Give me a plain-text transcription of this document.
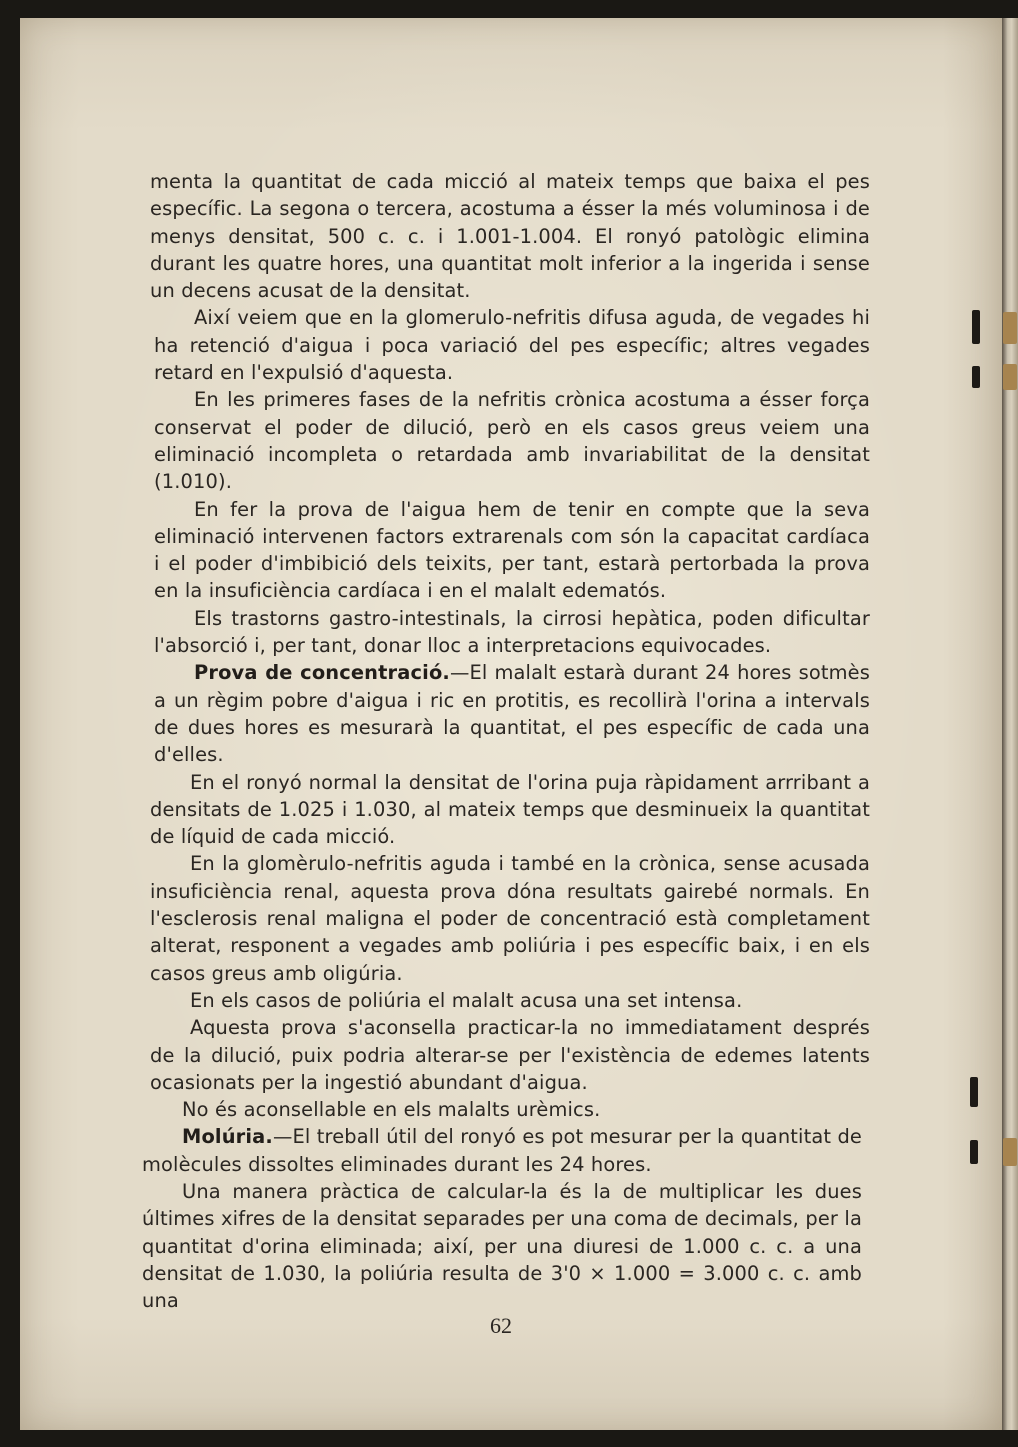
menta la quantitat de cada micció al mateix temps que baixa el pes específic. La segona o tercera, acostuma a ésser la més voluminosa i de menys densitat, 500 c. c. i 1.001-1.004. El ronyó patològic elimina durant les quatre hores, una quantitat molt inferior a la ingerida i sense un decens acusat de la densitat.

Així veiem que en la glomerulo-nefritis difusa aguda, de vegades hi ha retenció d'aigua i poca variació del pes específic; altres vegades retard en l'expulsió d'aquesta.

En les primeres fases de la nefritis crònica acostuma a ésser força conservat el poder de dilució, però en els casos greus veiem una eliminació incompleta o retardada amb invariabilitat de la densitat (1.010).

En fer la prova de l'aigua hem de tenir en compte que la seva eliminació intervenen factors extrarenals com són la capacitat cardíaca i el poder d'imbibició dels teixits, per tant, estarà pertorbada la prova en la insuficiència cardíaca i en el malalt edematós.

Els trastorns gastro-intestinals, la cirrosi hepàtica, poden dificultar l'absorció i, per tant, donar lloc a interpretacions equivocades.

Prova de concentració.—El malalt estarà durant 24 hores sotmès a un règim pobre d'aigua i ric en protitis, es recollirà l'orina a intervals de dues hores es mesurarà la quantitat, el pes específic de cada una d'elles.

En el ronyó normal la densitat de l'orina puja ràpidament arrribant a densitats de 1.025 i 1.030, al mateix temps que desminueix la quantitat de líquid de cada micció.

En la glomèrulo-nefritis aguda i també en la crònica, sense acusada insuficiència renal, aquesta prova dóna resultats gairebé normals. En l'esclerosis renal maligna el poder de concentració està completament alterat, responent a vegades amb poliúria i pes específic baix, i en els casos greus amb oligúria.

En els casos de poliúria el malalt acusa una set intensa.

Aquesta prova s'aconsella practicar-la no immediatament després de la dilució, puix podria alterar-se per l'existència de edemes latents ocasionats per la ingestió abundant d'aigua.

No és aconsellable en els malalts urèmics.

Molúria.—El treball útil del ronyó es pot mesurar per la quantitat de molècules dissoltes eliminades durant les 24 hores.

Una manera pràctica de calcular-la és la de multiplicar les dues últimes xifres de la densitat separades per una coma de decimals, per la quantitat d'orina eliminada; així, per una diuresi de 1.000 c. c. a una densitat de 1.030, la poliúria resulta de 3'0 × 1.000 = 3.000 c. c. amb una

62
